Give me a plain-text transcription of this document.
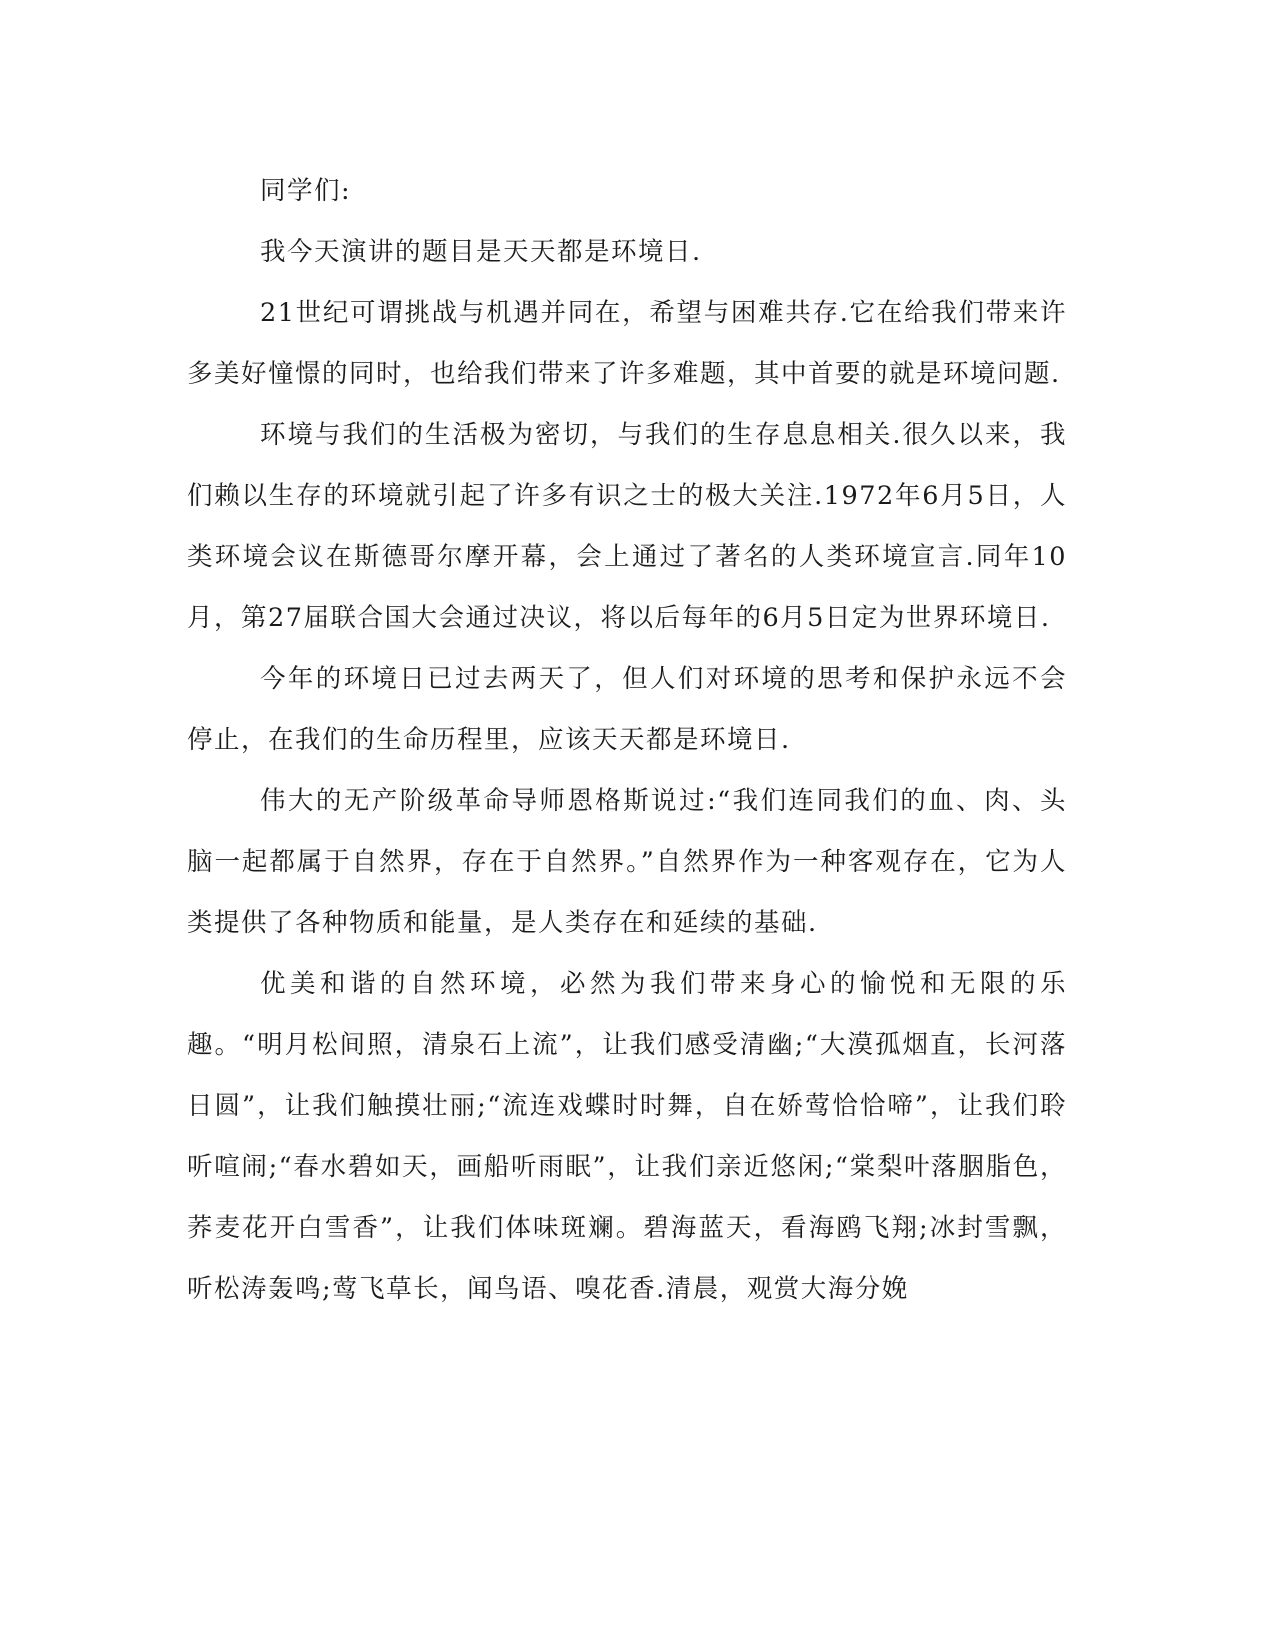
同学们:

我今天演讲的题目是天天都是环境日.

21世纪可谓挑战与机遇并同在，希望与困难共存.它在给我们带来许多美好憧憬的同时，也给我们带来了许多难题，其中首要的就是环境问题.

环境与我们的生活极为密切，与我们的生存息息相关.很久以来，我们赖以生存的环境就引起了许多有识之士的极大关注.1972年6月5日，人类环境会议在斯德哥尔摩开幕，会上通过了著名的人类环境宣言.同年10月，第27届联合国大会通过决议，将以后每年的6月5日定为世界环境日.

今年的环境日已过去两天了，但人们对环境的思考和保护永远不会停止，在我们的生命历程里，应该天天都是环境日.

伟大的无产阶级革命导师恩格斯说过:“我们连同我们的血、肉、头脑一起都属于自然界，存在于自然界。”自然界作为一种客观存在，它为人类提供了各种物质和能量，是人类存在和延续的基础.

优美和谐的自然环境，必然为我们带来身心的愉悦和无限的乐趣。“明月松间照，清泉石上流”，让我们感受清幽;“大漠孤烟直，长河落日圆”，让我们触摸壮丽;“流连戏蝶时时舞，自在娇莺恰恰啼”，让我们聆听喧闹;“春水碧如天，画船听雨眠”，让我们亲近悠闲;“棠梨叶落胭脂色，荞麦花开白雪香”，让我们体味斑斓。碧海蓝天，看海鸥飞翔;冰封雪飘，听松涛轰鸣;莺飞草长，闻鸟语、嗅花香.清晨，观赏大海分娩
